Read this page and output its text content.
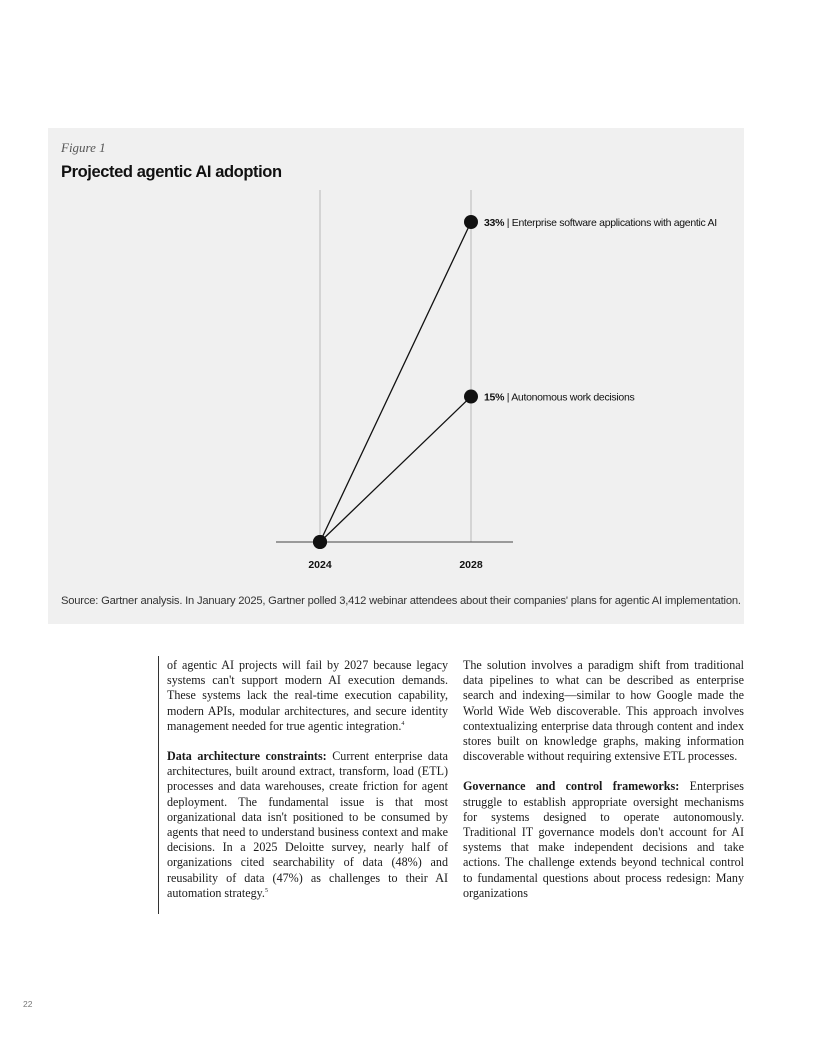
Figure 1
Projected agentic AI adoption
33% | Enterprise software applications with agentic AI
15% | Autonomous work decisions
2024	2028
Source: Gartner analysis. In January 2025, Gartner polled 3,412 webinar attendees about their companies' plans for agentic AI implementation.

of agentic AI projects will fail by 2027 because legacy systems can't support modern AI execution demands. These systems lack the real-time execution capability, modern APIs, modular architectures, and secure identity management needed for true agentic integration.$^4$

Data architecture constraints: Current enterprise data architectures, built around extract, transform, load (ETL) processes and data warehouses, create friction for agent deployment. The fundamental issue is that most organizational data isn't positioned to be consumed by agents that need to understand business context and make decisions. In a 2025 Deloitte survey, nearly half of organizations cited searchability of data (48%) and reusability of data (47%) as challenges to their AI automation strategy.$^5$

The solution involves a paradigm shift from traditional data pipelines to what can be described as enterprise search and indexing—similar to how Google made the World Wide Web discoverable. This approach involves contextualizing enterprise data through content and index stores built on knowledge graphs, making information discoverable without requiring extensive ETL processes.

Governance and control frameworks: Enterprises struggle to establish appropriate oversight mechanisms for systems designed to operate autonomously. Traditional IT governance models don't account for AI systems that make independent decisions and take actions. The challenge extends beyond technical control to fundamental questions about process redesign: Many organizations

22
